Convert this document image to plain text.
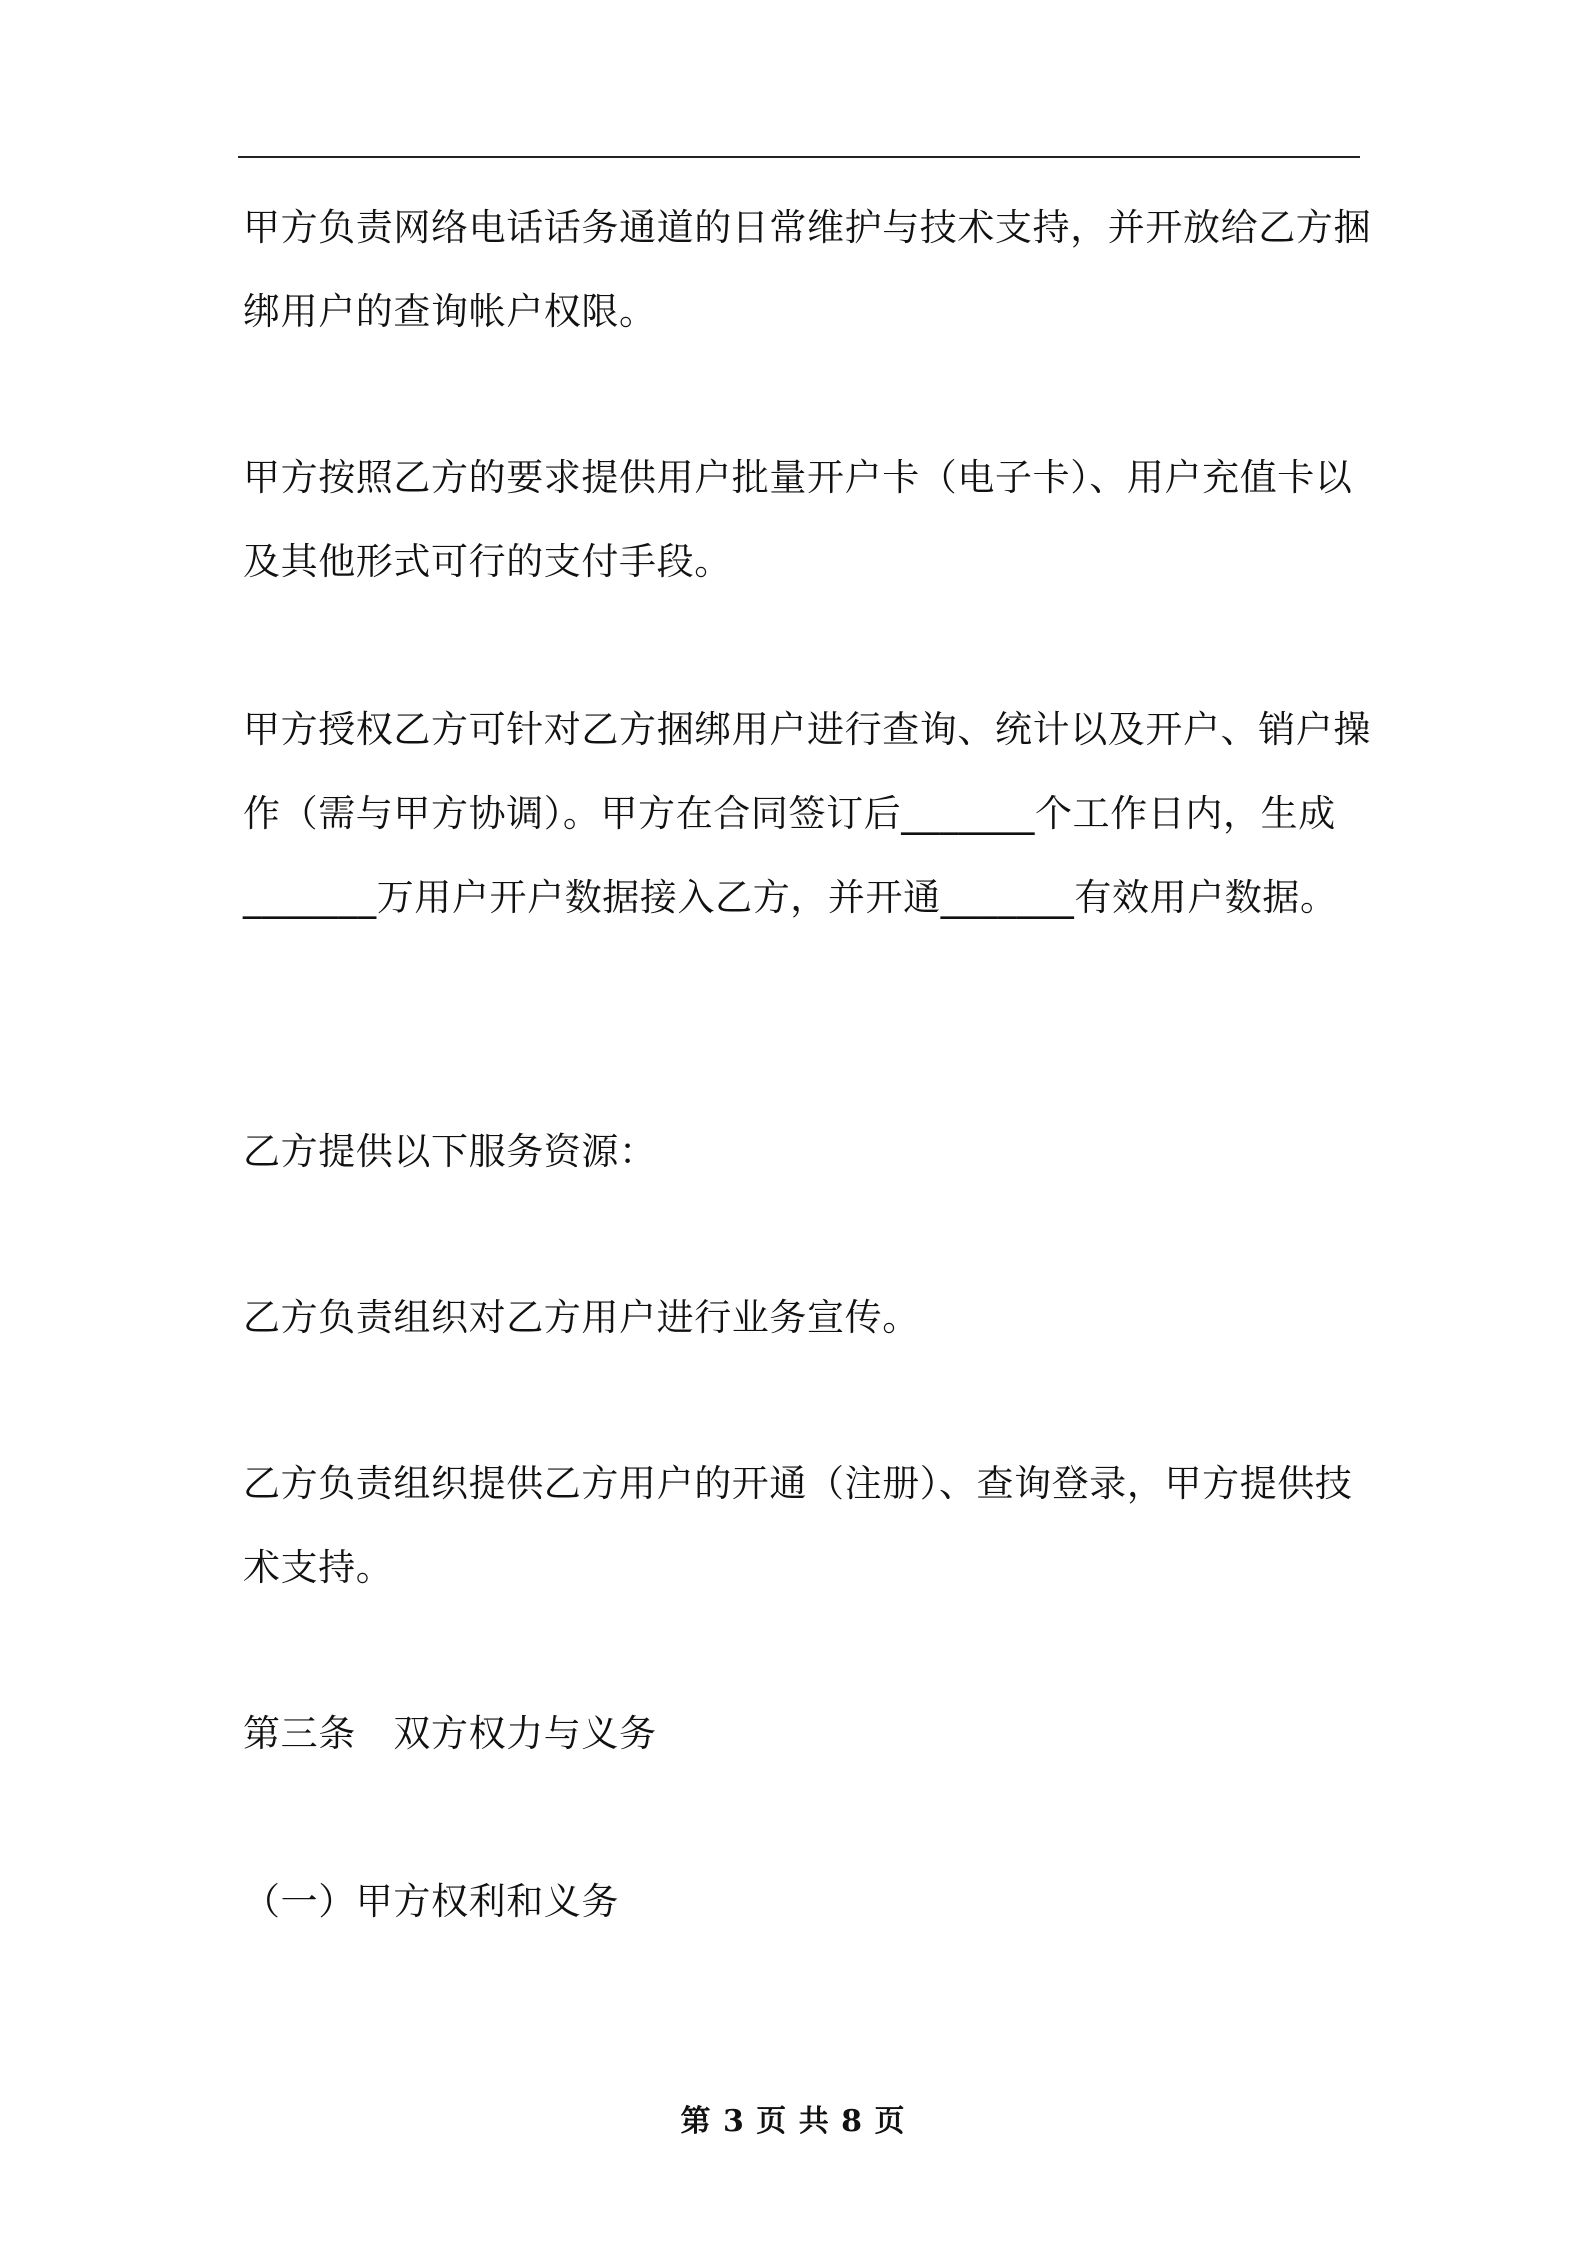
甲方负责网络电话话务通道的日常维护与技术支持，并开放给乙方捆
绑用户的查询帐户权限。
甲方按照乙方的要求提供用户批量开户卡（电子卡）、用户充值卡以
及其他形式可行的支付手段。
甲方授权乙方可针对乙方捆绑用户进行查询、统计以及开户、销户操
作（需与甲方协调）。甲方在合同签订后_______个工作日内，生成
_______万用户开户数据接入乙方，并开通_______有效用户数据。
乙方提供以下服务资源：
乙方负责组织对乙方用户进行业务宣传。
乙方负责组织提供乙方用户的开通（注册）、查询登录，甲方提供技
术支持。
第三条　双方权力与义务
（一）甲方权利和义务
第 3 页 共 8 页
